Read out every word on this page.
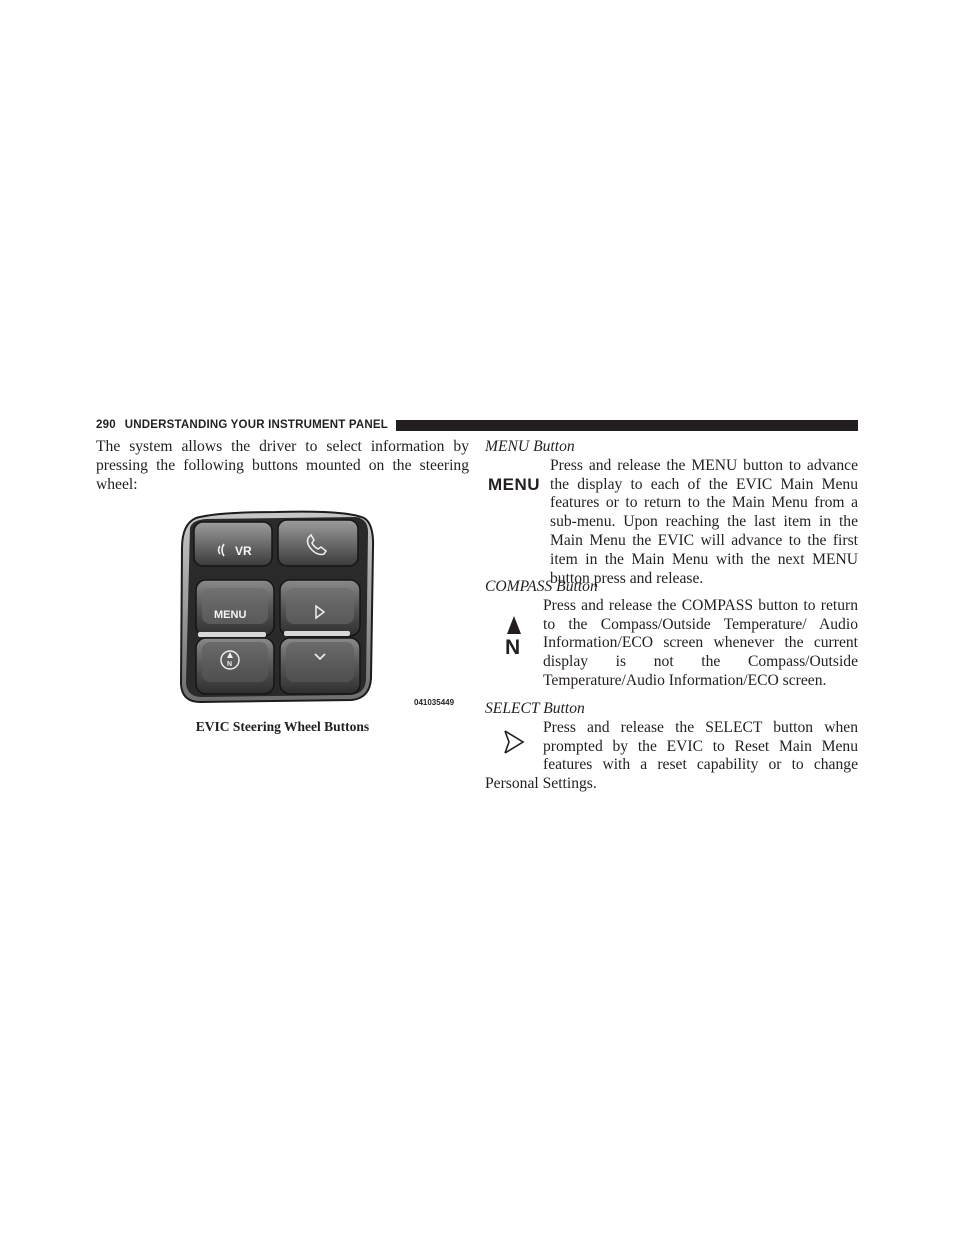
290 UNDERSTANDING YOUR INSTRUMENT PANEL

The system allows the driver to select information by pressing the following buttons mounted on the steering wheel:

VR
MENU
N
041035449
EVIC Steering Wheel Buttons

MENU Button

MENU

Press and release the MENU button to advance the display to each of the EVIC Main Menu features or to return to the Main Menu from a sub-menu. Upon reaching the last item in the Main Menu the EVIC will advance to the first item in the Main Menu with the next MENU button press and release.

COMPASS Button

N

Press and release the COMPASS button to return to the Compass/Outside Temperature/ Audio Information/ECO screen whenever the current display is not the Compass/Outside Temperature/Audio Information/ECO screen.

SELECT Button

Press and release the SELECT button when prompted by the EVIC to Reset Main Menu features with a reset capability or to change Personal Settings.
